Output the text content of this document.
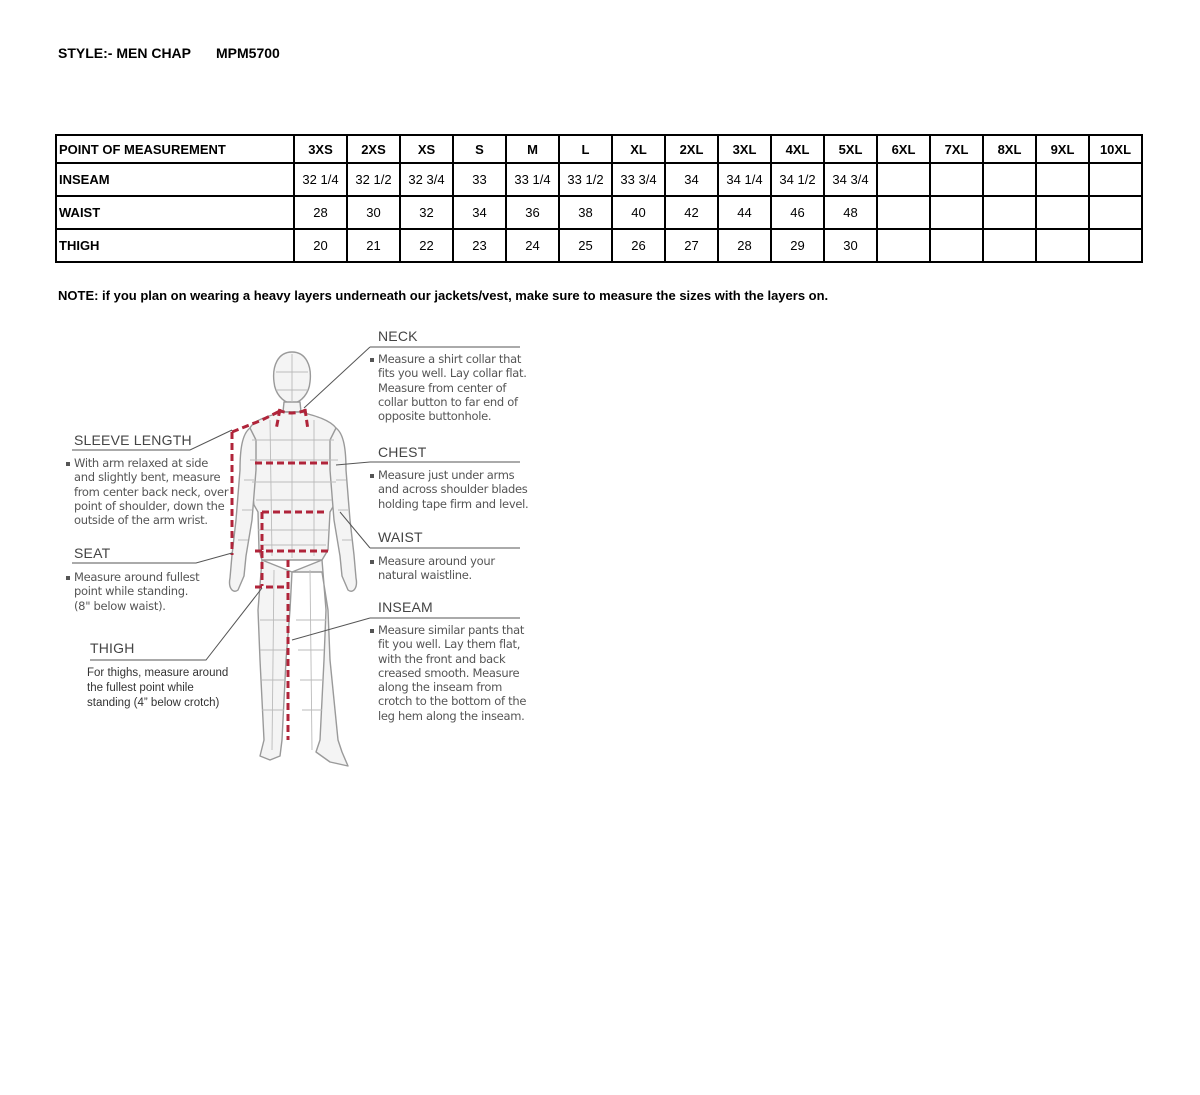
STYLE:- MEN CHAP MPM5700
POINT OF MEASUREMENT	3XS	2XS	XS	S	M	L	XL	2XL	3XL	4XL	5XL	6XL	7XL	8XL	9XL	10XL
INSEAM	32 1/4	32 1/2	32 3/4	33	33 1/4	33 1/2	33 3/4	34	34 1/4	34 1/2	34 3/4					
WAIST	28	30	32	34	36	38	40	42	44	46	48					
THIGH	20	21	22	23	24	25	26	27	28	29	30					
NOTE: if you plan on wearing a heavy layers underneath our jackets/vest, make sure to measure the sizes with the layers on.
NECK
Measure a shirt collar that
fits you well. Lay collar flat.
Measure from center of
collar button to far end of
opposite buttonhole.
CHEST
Measure just under arms
and across shoulder blades
holding tape firm and level.
WAIST
Measure around your
natural waistline.
INSEAM
Measure similar pants that
fit you well. Lay them flat,
with the front and back
creased smooth. Measure
along the inseam from
crotch to the bottom of the
leg hem along the inseam.
SLEEVE LENGTH
With arm relaxed at side
and slightly bent, measure
from center back neck, over
point of shoulder, down the
outside of the arm wrist.
SEAT
Measure around fullest
point while standing.
(8" below waist).
THIGH
For thighs, measure around
the fullest point while
standing (4” below crotch)
